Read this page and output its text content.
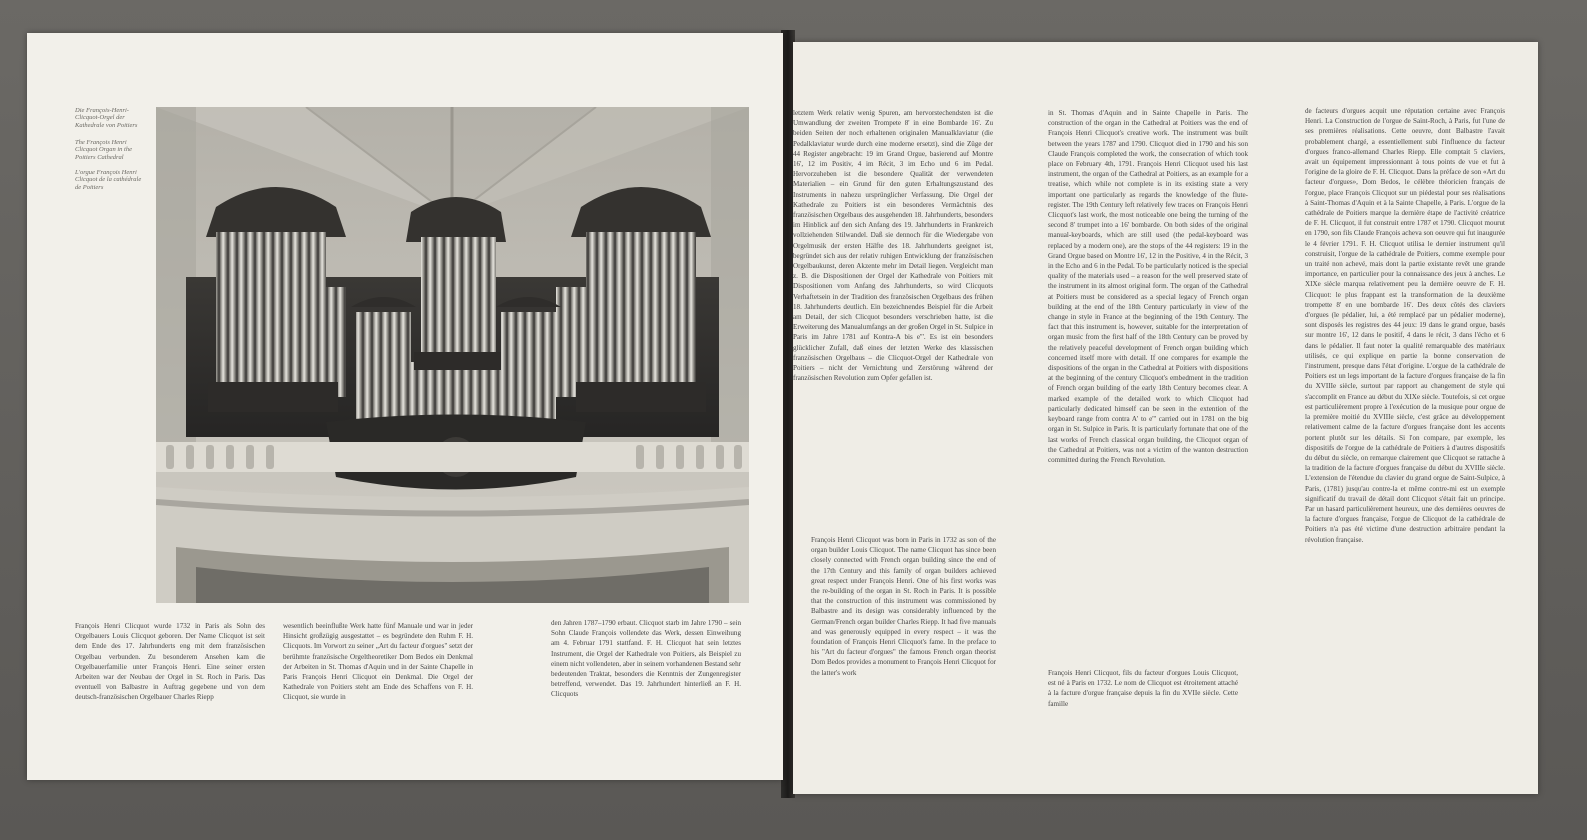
Die François-Henri-Clicquot-Orgel der Kathedrale von Poitiers
The François Henri Clicquot Organ in the Poitiers Cathedral
L'orgue François Henri Clicquot de la cathédrale de Poitiers

François Henri Clicquot wurde 1732 in Paris als Sohn des Orgelbauers Louis Clicquot geboren. Der Name Clicquot ist seit dem Ende des 17. Jahrhunderts eng mit dem französischen Orgelbau verbunden. Zu besonderem Ansehen kam die Orgelbauerfamilie unter François Henri. Eine seiner ersten Arbeiten war der Neubau der Orgel in St. Roch in Paris. Das eventuell von Balbastre in Auftrag gegebene und von dem deutsch-französischen Orgelbauer Charles Riepp

wesentlich beeinflußte Werk hatte fünf Manuale und war in jeder Hinsicht großzügig ausgestattet – es begründete den Ruhm F. H. Clicquots. Im Vorwort zu seiner „Art du facteur d'orgues" setzt der berühmte französische Orgeltheoretiker Dom Bedos ein Denkmal der Arbeiten in St. Thomas d'Aquin und in der Sainte Chapelle in Paris François Henri Clicquot ein Denkmal. Die Orgel der Kathedrale von Poitiers steht am Ende des Schaffens von F. H. Clicquot, sie wurde in

den Jahren 1787–1790 erbaut. Clicquot starb im Jahre 1790 – sein Sohn Claude François vollendete das Werk, dessen Einweihung am 4. Februar 1791 stattfand. F. H. Clicquot hat sein letztes Instrument, die Orgel der Kathedrale von Poitiers, als Beispiel zu einem nicht vollendeten, aber in seinem vorhandenen Bestand sehr bedeutenden Traktat, besonders die Kenntnis der Zungenregister betreffend, verwendet. Das 19. Jahrhundert hinterließ an F. H. Clicquots

letztem Werk relativ wenig Spuren, am hervorstechendsten ist die Umwandlung der zweiten Trompete 8' in eine Bombarde 16'. Zu beiden Seiten der noch erhaltenen originalen Manualklaviatur (die Pedalklaviatur wurde durch eine moderne ersetzt), sind die Züge der 44 Register angebracht: 19 im Grand Orgue, basierend auf Montre 16', 12 im Positiv, 4 im Récit, 3 im Echo und 6 im Pedal. Hervorzuheben ist die besondere Qualität der verwendeten Materialien – ein Grund für den guten Erhaltungszustand des Instruments in nahezu ursprünglicher Verfassung. Die Orgel der Kathedrale zu Poitiers ist ein besonderes Vermächtnis des französischen Orgelbaus des ausgehenden 18. Jahrhunderts, besonders im Hinblick auf den sich Anfang des 19. Jahrhunderts in Frankreich vollziehenden Stilwandel. Daß sie dennoch für die Wiedergabe von Orgelmusik der ersten Hälfte des 18. Jahrhunderts geeignet ist, begründet sich aus der relativ ruhigen Entwicklung der französischen Orgelbaukunst, deren Akzente mehr im Detail liegen. Vergleicht man z. B. die Dispositionen der Orgel der Kathedrale von Poitiers mit Dispositionen vom Anfang des Jahrhunderts, so wird Clicquots Verhaftetsein in der Tradition des französischen Orgelbaus des frühen 18. Jahrhunderts deutlich. Ein bezeichnendes Beispiel für die Arbeit am Detail, der sich Clicquot besonders verschrieben hatte, ist die Erweiterung des Manualumfangs an der großen Orgel in St. Sulpice in Paris im Jahre 1781 auf Kontra-A bis e'''. Es ist ein besonders glücklicher Zufall, daß eines der letzten Werke des klassischen französischen Orgelbaus – die Clicquot-Orgel der Kathedrale von Poitiers – nicht der Vernichtung und Zerstörung während der französischen Revolution zum Opfer gefallen ist.

François Henri Clicquot was born in Paris in 1732 as son of the organ builder Louis Clicquot. The name Clicquot has since been closely connected with French organ building since the end of the 17th Century and this family of organ builders achieved great respect under François Henri. One of his first works was the re-building of the organ in St. Roch in Paris. It is possible that the construction of this instrument was commissioned by Balbastre and its design was considerably influenced by the German/French organ builder Charles Riepp. It had five manuals and was generously equipped in every respect – it was the foundation of François Henri Clicquot's fame. In the preface to his "Art du facteur d'orgues" the famous French organ theorist Dom Bedos provides a monument to François Henri Clicquot for the latter's work

in St. Thomas d'Aquin and in Sainte Chapelle in Paris. The construction of the organ in the Cathedral at Poitiers was the end of François Henri Clicquot's creative work. The instrument was built between the years 1787 and 1790. Clicquot died in 1790 and his son Claude François completed the work, the consecration of which took place on February 4th, 1791. François Henri Clicquot used his last instrument, the organ of the Cathedral at Poitiers, as an example for a treatise, which while not complete is in its existing state a very important one particularly as regards the knowledge of the flute-register. The 19th Century left relatively few traces on François Henri Clicquot's last work, the most noticeable one being the turning of the second 8' trumpet into a 16' bombarde. On both sides of the original manual-keyboards, which are still used (the pedal-keyboard was replaced by a modern one), are the stops of the 44 registers: 19 in the Grand Orgue based on Montre 16', 12 in the Positive, 4 in the Récit, 3 in the Echo and 6 in the Pedal. To be particularly noticed is the special quality of the materials used – a reason for the well preserved state of the instrument in its almost original form. The organ of the Cathedral at Poitiers must be considered as a special legacy of French organ building at the end of the 18th Century particularly in view of the change in style in France at the beginning of the 19th Century. The fact that this instrument is, however, suitable for the interpretation of organ music from the first half of the 18th Century can be proved by the relatively peaceful development of French organ building which concerned itself more with detail. If one compares for example the dispositions of the organ in the Cathedral at Poitiers with dispositions at the beginning of the century Clicquot's embedment in the tradition of French organ building of the early 18th Century becomes clear. A marked example of the detailed work to which Clicquot had particularly dedicated himself can be seen in the extention of the keyboard range from contra A' to e''' carried out in 1781 on the big organ in St. Sulpice in Paris. It is particularly fortunate that one of the last works of French classical organ building, the Clicquot organ of the Cathedral at Poitiers, was not a victim of the wanton destruction committed during the French Revolution.

François Henri Clicquot, fils du facteur d'orgues Louis Clicquot, est né à Paris en 1732. Le nom de Clicquot est étroitement attaché à la facture d'orgue française depuis la fin du XVIIe siècle. Cette famille

de facteurs d'orgues acquit une réputation certaine avec François Henri. La Construction de l'orgue de Saint-Roch, à Paris, fut l'une de ses premières réalisations. Cette oeuvre, dont Balbastre l'avait probablement chargé, a essentiellement subi l'influence du facteur d'orgues franco-allemand Charles Riepp. Elle comptait 5 claviers, avait un équipement impressionnant à tous points de vue et fut à l'origine de la gloire de F. H. Clicquot. Dans la préface de son «Art du facteur d'orgues», Dom Bedos, le célèbre théoricien français de l'orgue, place François Clicquot sur un piédestal pour ses réalisations à Saint-Thomas d'Aquin et à la Sainte Chapelle, à Paris. L'orgue de la cathédrale de Poitiers marque la dernière étape de l'activité créatrice de F. H. Clicquot, il fut construit entre 1787 et 1790. Clicquot mourut en 1790, son fils Claude François acheva son oeuvre qui fut inaugurée le 4 février 1791. F. H. Clicquot utilisa le dernier instrument qu'il construisit, l'orgue de la cathédrale de Poitiers, comme exemple pour un traité non achevé, mais dont la partie existante revêt une grande importance, en particulier pour la connaissance des jeux à anches. Le XIXe siècle marqua relativement peu la dernière oeuvre de F. H. Clicquot: le plus frappant est la transformation de la deuxième trompette 8' en une bombarde 16'. Des deux côtés des claviers d'orgues (le pédalier, lui, a été remplacé par un pédalier moderne), sont disposés les registres des 44 jeux: 19 dans le grand orgue, basés sur montre 16', 12 dans le positif, 4 dans le récit, 3 dans l'écho et 6 dans le pédalier. Il faut noter la qualité remarquable des matériaux utilisés, ce qui explique en partie la bonne conservation de l'instrument, presque dans l'état d'origine. L'orgue de la cathédrale de Poitiers est un legs important de la facture d'orgues française de la fin du XVIIIe siècle, surtout par rapport au changement de style qui s'accomplit en France au début du XIXe siècle. Toutefois, si cet orgue est particulièrement propre à l'exécution de la musique pour orgue de la première moitié du XVIIIe siècle, c'est grâce au développement relativement calme de la facture d'orgues française dont les accents portent plutôt sur les détails. Si l'on compare, par exemple, les dispositifs de l'orgue de la cathédrale de Poitiers à d'autres dispositifs du début du siècle, on remarque clairement que Clicquot se rattache à la tradition de la facture d'orgues française du début du XVIIIe siècle. L'extension de l'étendue du clavier du grand orgue de Saint-Sulpice, à Paris, (1781) jusqu'au contre-la et même contre-mi est un exemple significatif du travail de détail dont Clicquot s'était fait un principe. Par un hasard particulièrement heureux, une des dernières oeuvres de la facture d'orgues française, l'orgue de Clicquot de la cathédrale de Poitiers n'a pas été victime d'une destruction arbitraire pendant la révolution française.
